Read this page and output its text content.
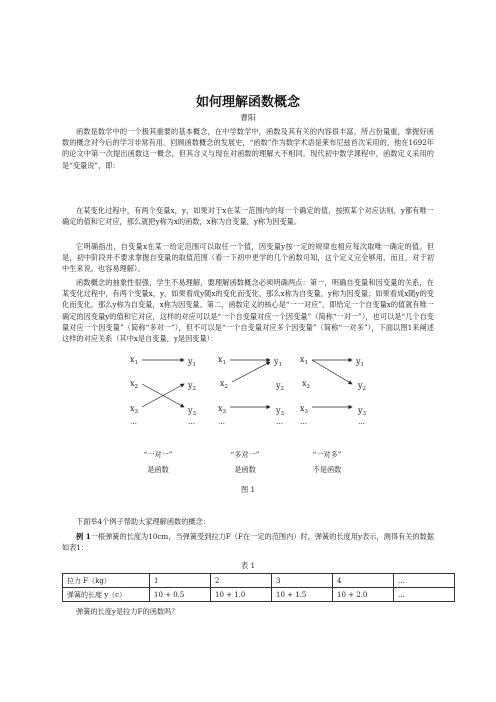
如何理解函数概念
曹阳

函数是数学中的一个极其重要的基本概念，在中学数学中，函数及其有关的内容很丰富，所占份量重，掌握好函数的概念对今后的学习非常有用。回顾函数概念的发展史，“函数”作为数学术语是莱布尼兹首次采用的，他在1692年的论文中第一次提出函数这一概念，但其含义与现在对函数的理解大不相同。现代初中数学课程中，函数定义采用的是“变量说”，即：

在某变化过程中，有两个变量x，y，如果对于x在某一范围内的每一个确定的值，按照某个对应法则，y都有唯一确定的值和它对应，那么就把y称为x的函数，x称为自变量，y称为因变量。

它明确指出，自变量x在某一给定范围可以取任一个值，因变量y按一定的规律也相应每次取唯一确定的值。但是，初中阶段并不要求掌握自变量的取值范围（看一下初中更学的几个函数可知，这个定义完全够用，而且，对于初中生来说，也容易理解）。

函数概念的抽象性很强，学生不易理解，要理解函数概念必须明确两点：第一，明确自变量和因变量的关系，在某变化过程中，有两个变量x，y，如果看成y随x的变化而变化，那么x称为自变量，y称为因变量；如果看成x随y的变化而变化，那么y称为自变量，x称为因变量。第二，函数定义的核心是“一一对应”，即给定一个自变量x的值就有唯一确定的因变量y的值和它对应，这样的对应可以是“一个自变量对应一个因变量”（简称“一对一”），也可以是“几个自变量对应一个因变量”（简称“多对一”），但不可以是“一个自变量对应多个因变量”（简称“一对多”），下面以图1来阐述这样的对应关系（其中x是自变量，y是因变量）：

$x_1$
$x_2$
$x_3$
…
$y_1$
$y_2$
$y_3$
…
$x_1$
$x_2$
$x_3$
…
$y_1$
$y_2$
$y_3$
…
$x_1$
$x_2$
$x_3$
…
$y_1$
$y_2$
$y_3$
…
“一对一”
是函数
“多对一”
是函数
“一对多”
不是函数
图 1

下面举4个例子帮助大家理解函数的概念：

例 1一根弹簧的长度为10cm，当弹簧受到拉力F（F在一定的范围内）时，弹簧的长度用y表示，测得有关的数据如表1：

表 1
拉力 F（kg）	1	2	3	4	…
弹簧的长度 y（c）	10 + 0.5	10 + 1.0	10 + 1.5	10 + 2.0	…

弹簧的长度y是拉力F的函数吗？
